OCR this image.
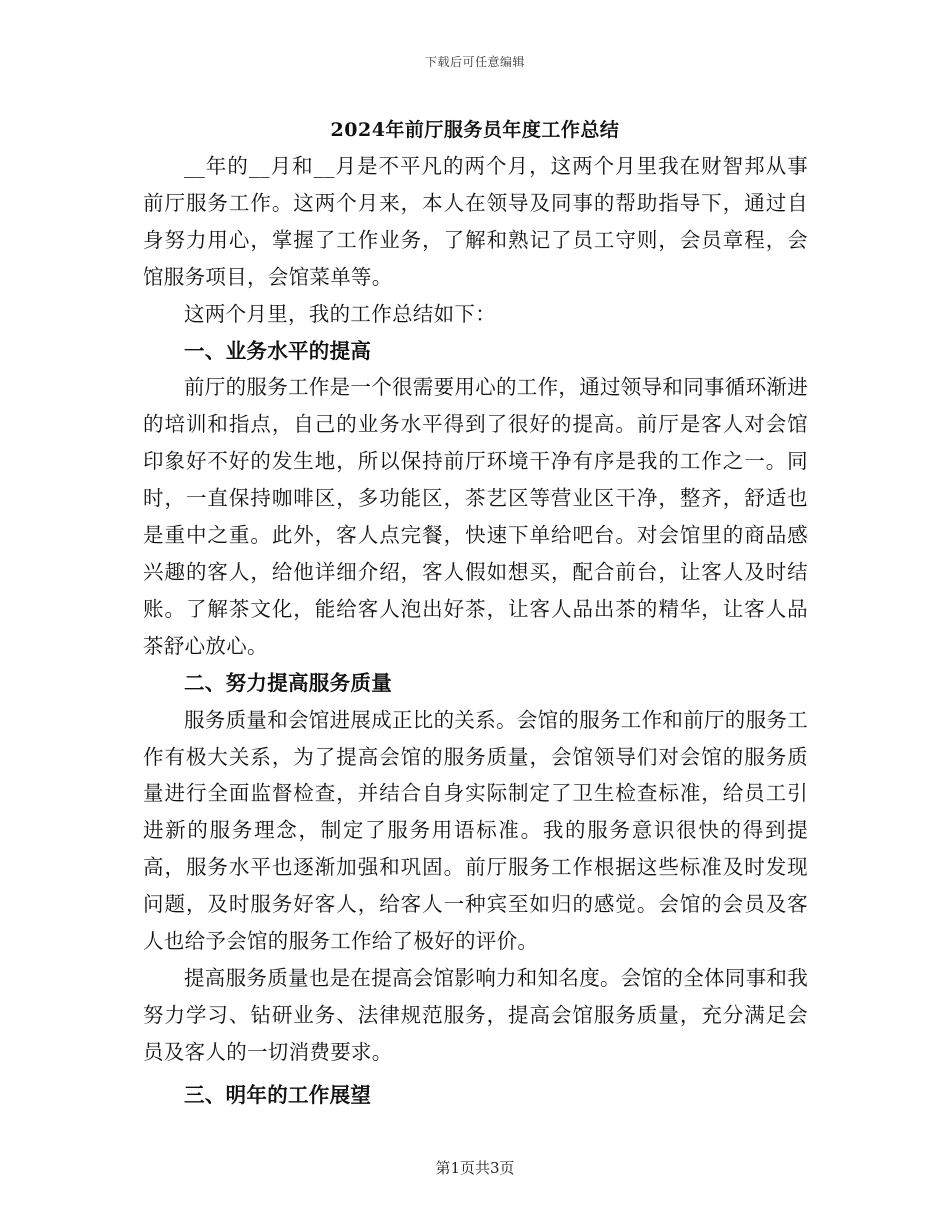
下载后可任意编辑
2024年前厅服务员年度工作总结

__年的__月和__月是不平凡的两个月，这两个月里我在财智邦从事前厅服务工作。这两个月来，本人在领导及同事的帮助指导下，通过自身努力用心，掌握了工作业务，了解和熟记了员工守则，会员章程，会馆服务项目，会馆菜单等。

这两个月里，我的工作总结如下：

一、业务水平的提高

前厅的服务工作是一个很需要用心的工作，通过领导和同事循环渐进的培训和指点，自己的业务水平得到了很好的提高。前厅是客人对会馆印象好不好的发生地，所以保持前厅环境干净有序是我的工作之一。同时，一直保持咖啡区，多功能区，茶艺区等营业区干净，整齐，舒适也是重中之重。此外，客人点完餐，快速下单给吧台。对会馆里的商品感兴趣的客人，给他详细介绍，客人假如想买，配合前台，让客人及时结账。了解茶文化，能给客人泡出好茶，让客人品出茶的精华，让客人品茶舒心放心。

二、努力提高服务质量

服务质量和会馆进展成正比的关系。会馆的服务工作和前厅的服务工作有极大关系，为了提高会馆的服务质量，会馆领导们对会馆的服务质量进行全面监督检查，并结合自身实际制定了卫生检查标准，给员工引进新的服务理念，制定了服务用语标准。我的服务意识很快的得到提高，服务水平也逐渐加强和巩固。前厅服务工作根据这些标准及时发现问题，及时服务好客人，给客人一种宾至如归的感觉。会馆的会员及客人也给予会馆的服务工作给了极好的评价。

提高服务质量也是在提高会馆影响力和知名度。会馆的全体同事和我努力学习、钻研业务、法律规范服务，提高会馆服务质量，充分满足会员及客人的一切消费要求。

三、明年的工作展望

第1页共3页
